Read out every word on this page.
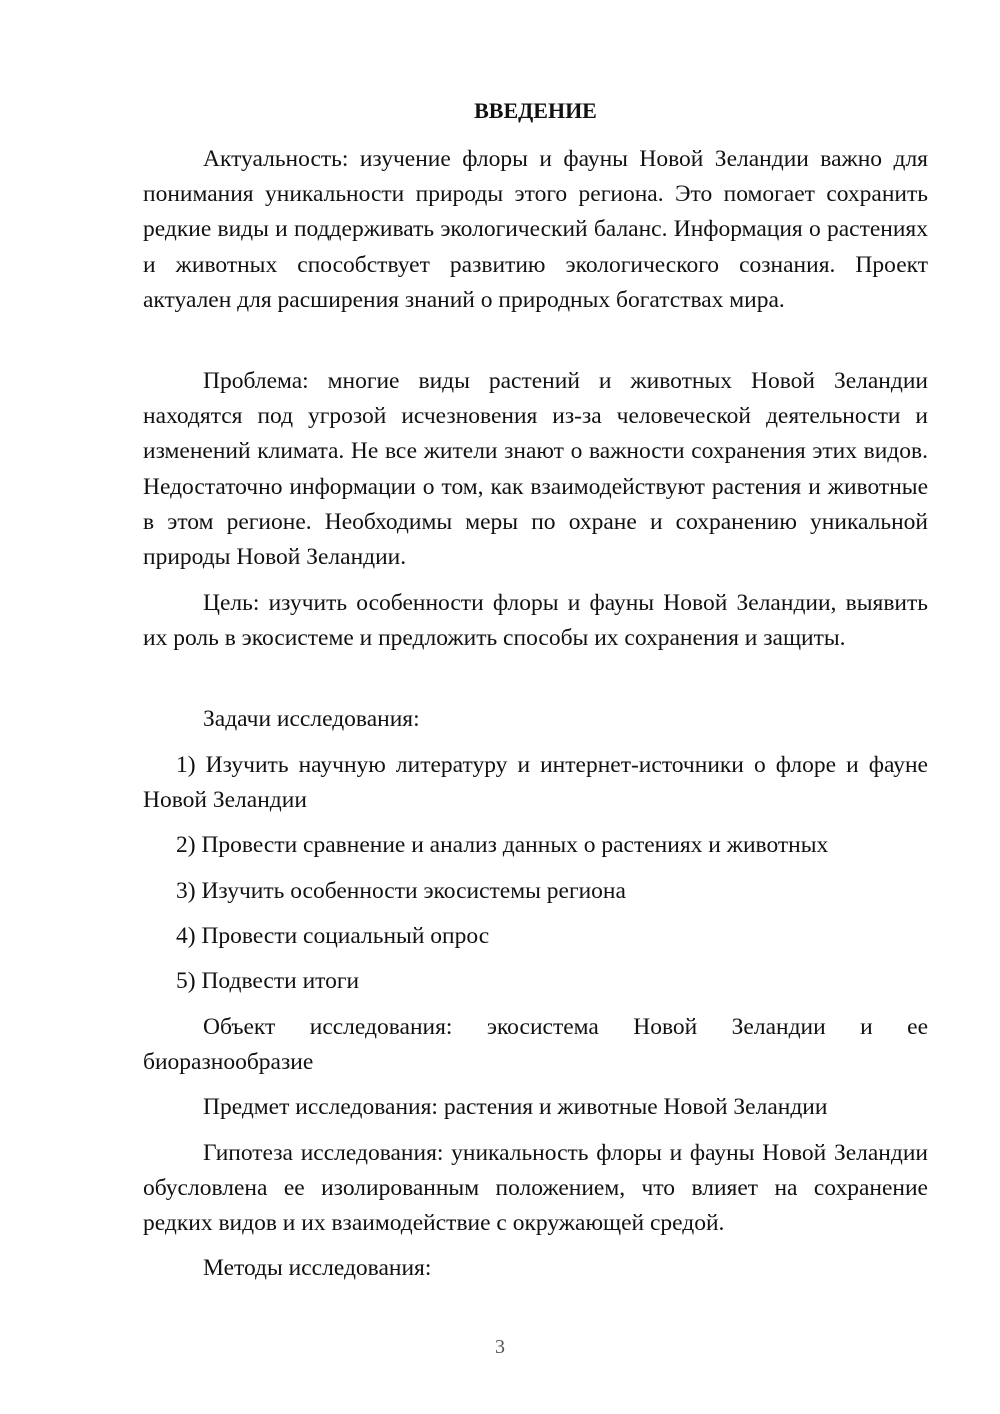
ВВЕДЕНИЕ

Актуальность: изучение флоры и фауны Новой Зеландии важно для понимания уникальности природы этого региона. Это помогает сохранить редкие виды и поддерживать экологический баланс. Информация о растениях и животных способствует развитию экологического сознания. Проект актуален для расширения знаний о природных богатствах мира.

Проблема: многие виды растений и животных Новой Зеландии находятся под угрозой исчезновения из-за человеческой деятельности и изменений климата. Не все жители знают о важности сохранения этих видов. Недостаточно информации о том, как взаимодействуют растения и животные в этом регионе. Необходимы меры по охране и сохранению уникальной природы Новой Зеландии.

Цель: изучить особенности флоры и фауны Новой Зеландии, выявить их роль в экосистеме и предложить способы их сохранения и защиты.

Задачи исследования:

1) Изучить научную литературу и интернет-источники о флоре и фауне Новой Зеландии

2) Провести сравнение и анализ данных о растениях и животных

3) Изучить особенности экосистемы региона

4) Провести социальный опрос

5) Подвести итоги

Объект исследования: экосистема Новой Зеландии и ее биоразнообразие

Предмет исследования: растения и животные Новой Зеландии

Гипотеза исследования: уникальность флоры и фауны Новой Зеландии обусловлена ее изолированным положением, что влияет на сохранение редких видов и их взаимодействие с окружающей средой.

Методы исследования:

3
